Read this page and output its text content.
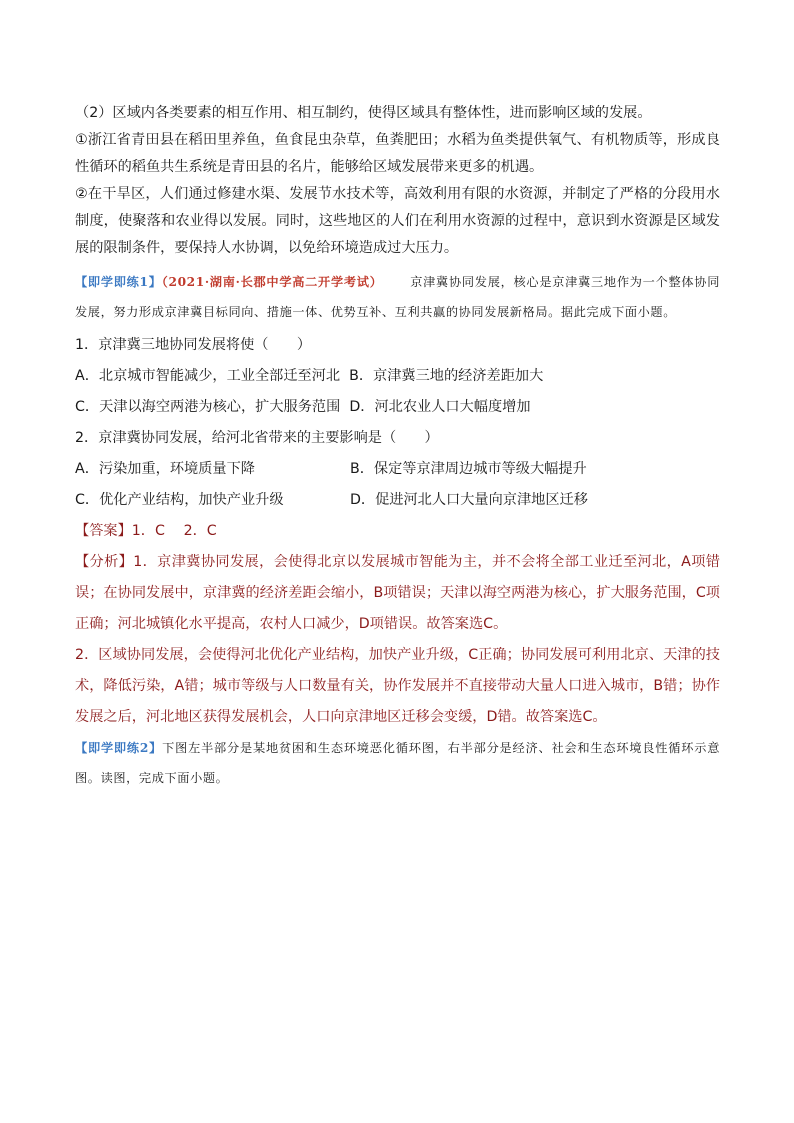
（2）区域内各类要素的相互作用、相互制约，使得区域具有整体性，进而影响区域的发展。

①浙江省青田县在稻田里养鱼，鱼食昆虫杂草，鱼粪肥田；水稻为鱼类提供氧气、有机物质等，形成良性循环的稻鱼共生系统是青田县的名片，能够给区域发展带来更多的机遇。

②在干旱区，人们通过修建水渠、发展节水技术等，高效利用有限的水资源，并制定了严格的分段用水制度，使聚落和农业得以发展。同时，这些地区的人们在利用水资源的过程中，意识到水资源是区域发展的限制条件，要保持人水协调，以免给环境造成过大压力。

【即学即练1】（2021·湖南·长郡中学高二开学考试） 京津冀协同发展，核心是京津冀三地作为一个整体协同发展，努力形成京津冀目标同向、措施一体、优势互补、互利共赢的协同发展新格局。据此完成下面小题。

1．京津冀三地协同发展将使（　　）

A．北京城市智能减少，工业全部迁至河北
B．京津冀三地的经济差距加大
C．天津以海空两港为核心，扩大服务范围
D．河北农业人口大幅度增加

2．京津冀协同发展，给河北省带来的主要影响是（　　）

A．污染加重，环境质量下降	B．保定等京津周边城市等级大幅提升
C．优化产业结构，加快产业升级	D．促进河北人口大量向京津地区迁移

【答案】1．C　 2．C

【分析】1．京津冀协同发展，会使得北京以发展城市智能为主，并不会将全部工业迁至河北，A项错误；在协同发展中，京津冀的经济差距会缩小，B项错误；天津以海空两港为核心，扩大服务范围，C项正确；河北城镇化水平提高，农村人口减少，D项错误。故答案选C。

2．区域协同发展，会使得河北优化产业结构，加快产业升级，C正确；协同发展可利用北京、天津的技术，降低污染，A错；城市等级与人口数量有关，协作发展并不直接带动大量人口进入城市，B错；协作发展之后，河北地区获得发展机会，人口向京津地区迁移会变缓，D错。故答案选C。

【即学即练2】下图左半部分是某地贫困和生态环境恶化循环图，右半部分是经济、社会和生态环境良性循环示意图。读图，完成下面小题。
